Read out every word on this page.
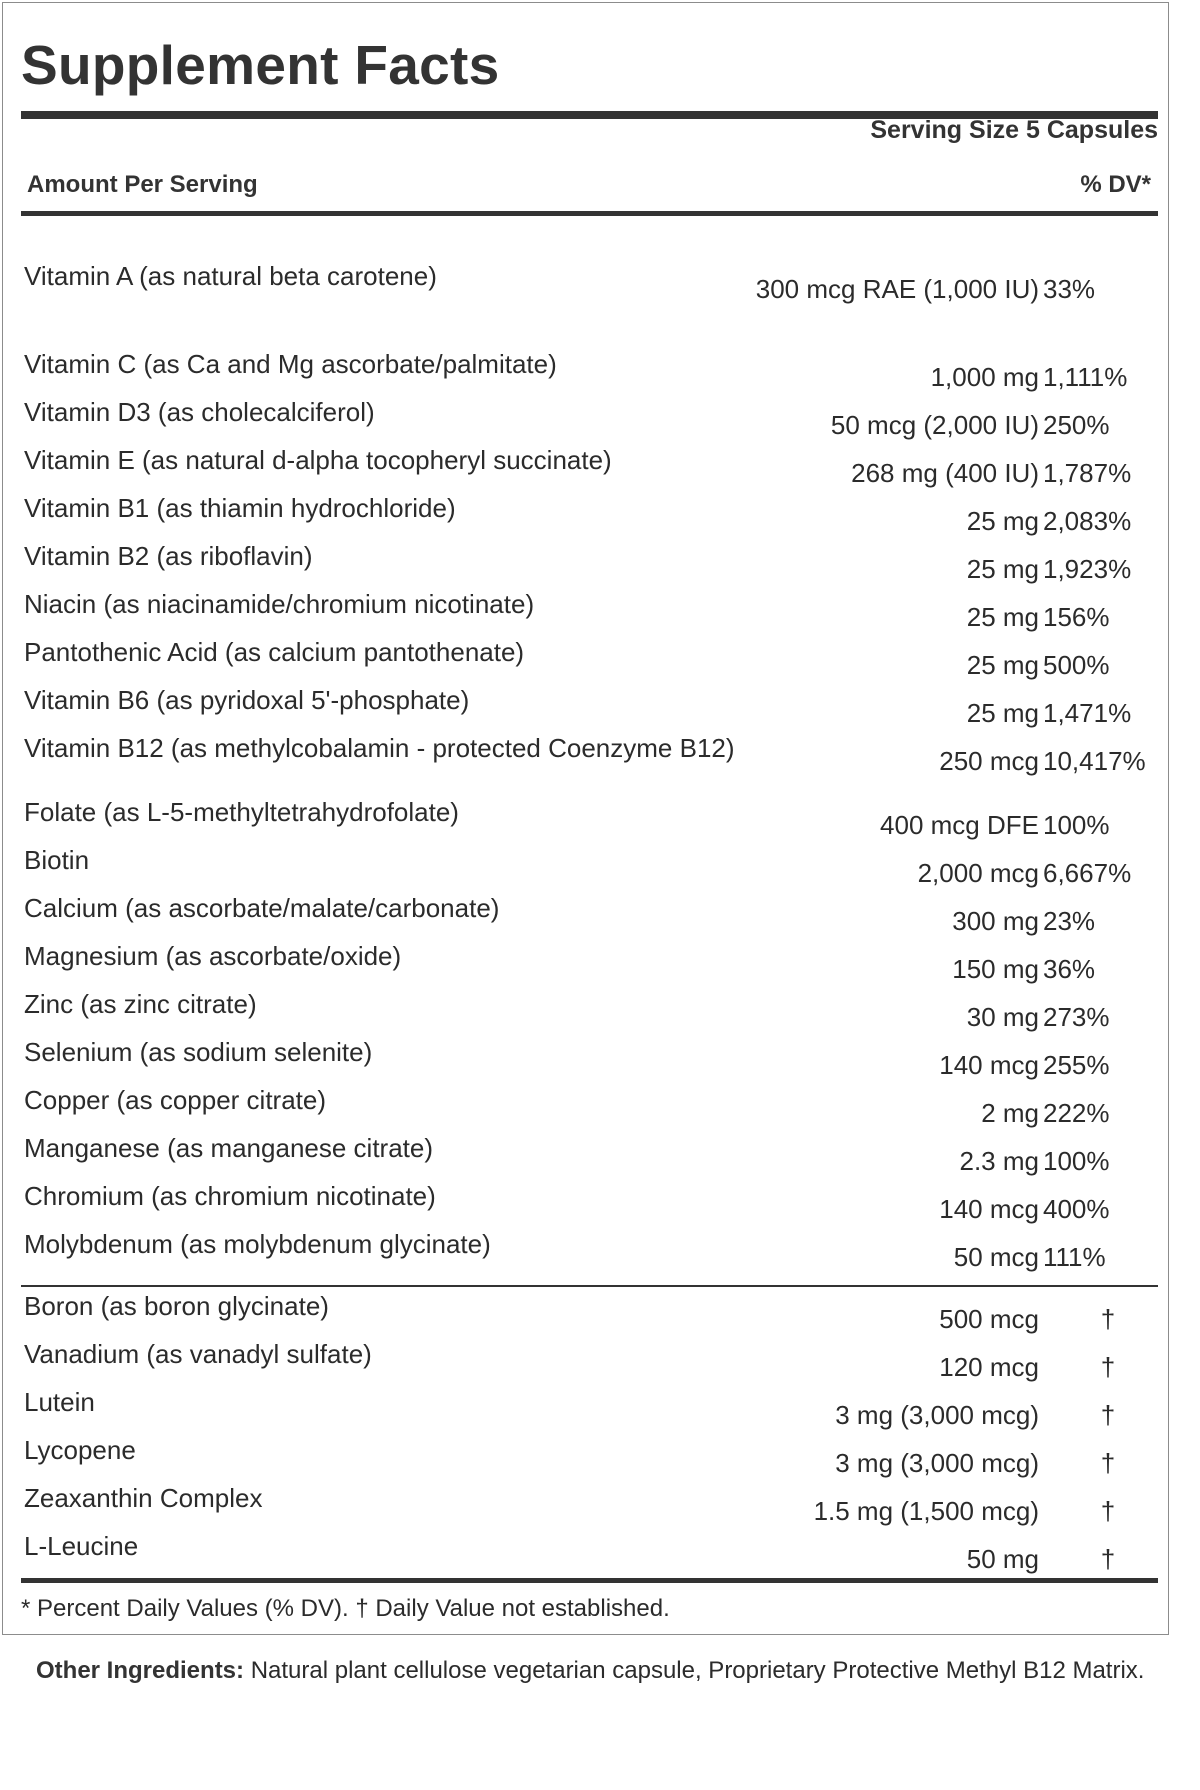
Supplement Facts
Serving Size 5 Capsules
Amount Per Serving	% DV*
Vitamin A (as natural beta carotene)	300 mcg RAE (1,000 IU) 33%
Vitamin C (as Ca and Mg ascorbate/palmitate)	1,000 mg 1,111%
Vitamin D3 (as cholecalciferol)	50 mcg (2,000 IU) 250%
Vitamin E (as natural d-alpha tocopheryl succinate)	268 mg (400 IU) 1,787%
Vitamin B1 (as thiamin hydrochloride)	25 mg 2,083%
Vitamin B2 (as riboflavin)	25 mg 1,923%
Niacin (as niacinamide/chromium nicotinate)	25 mg 156%
Pantothenic Acid (as calcium pantothenate)	25 mg 500%
Vitamin B6 (as pyridoxal 5'-phosphate)	25 mg 1,471%
Vitamin B12 (as methylcobalamin - protected Coenzyme B12)	250 mcg 10,417%
Folate (as L-5-methyltetrahydrofolate)	400 mcg DFE 100%
Biotin	2,000 mcg 6,667%
Calcium (as ascorbate/malate/carbonate)	300 mg 23%
Magnesium (as ascorbate/oxide)	150 mg 36%
Zinc (as zinc citrate)	30 mg 273%
Selenium (as sodium selenite)	140 mcg 255%
Copper (as copper citrate)	2 mg 222%
Manganese (as manganese citrate)	2.3 mg 100%
Chromium (as chromium nicotinate)	140 mcg 400%
Molybdenum (as molybdenum glycinate)	50 mcg 111%
Boron (as boron glycinate)	500 mcg	†
Vanadium (as vanadyl sulfate)	120 mcg	†
Lutein	3 mg (3,000 mcg)	†
Lycopene	3 mg (3,000 mcg)	†
Zeaxanthin Complex	1.5 mg (1,500 mcg)	†
L-Leucine	50 mg	†
* Percent Daily Values (% DV). † Daily Value not established.
Other Ingredients: Natural plant cellulose vegetarian capsule, Proprietary Protective Methyl B12 Matrix.
